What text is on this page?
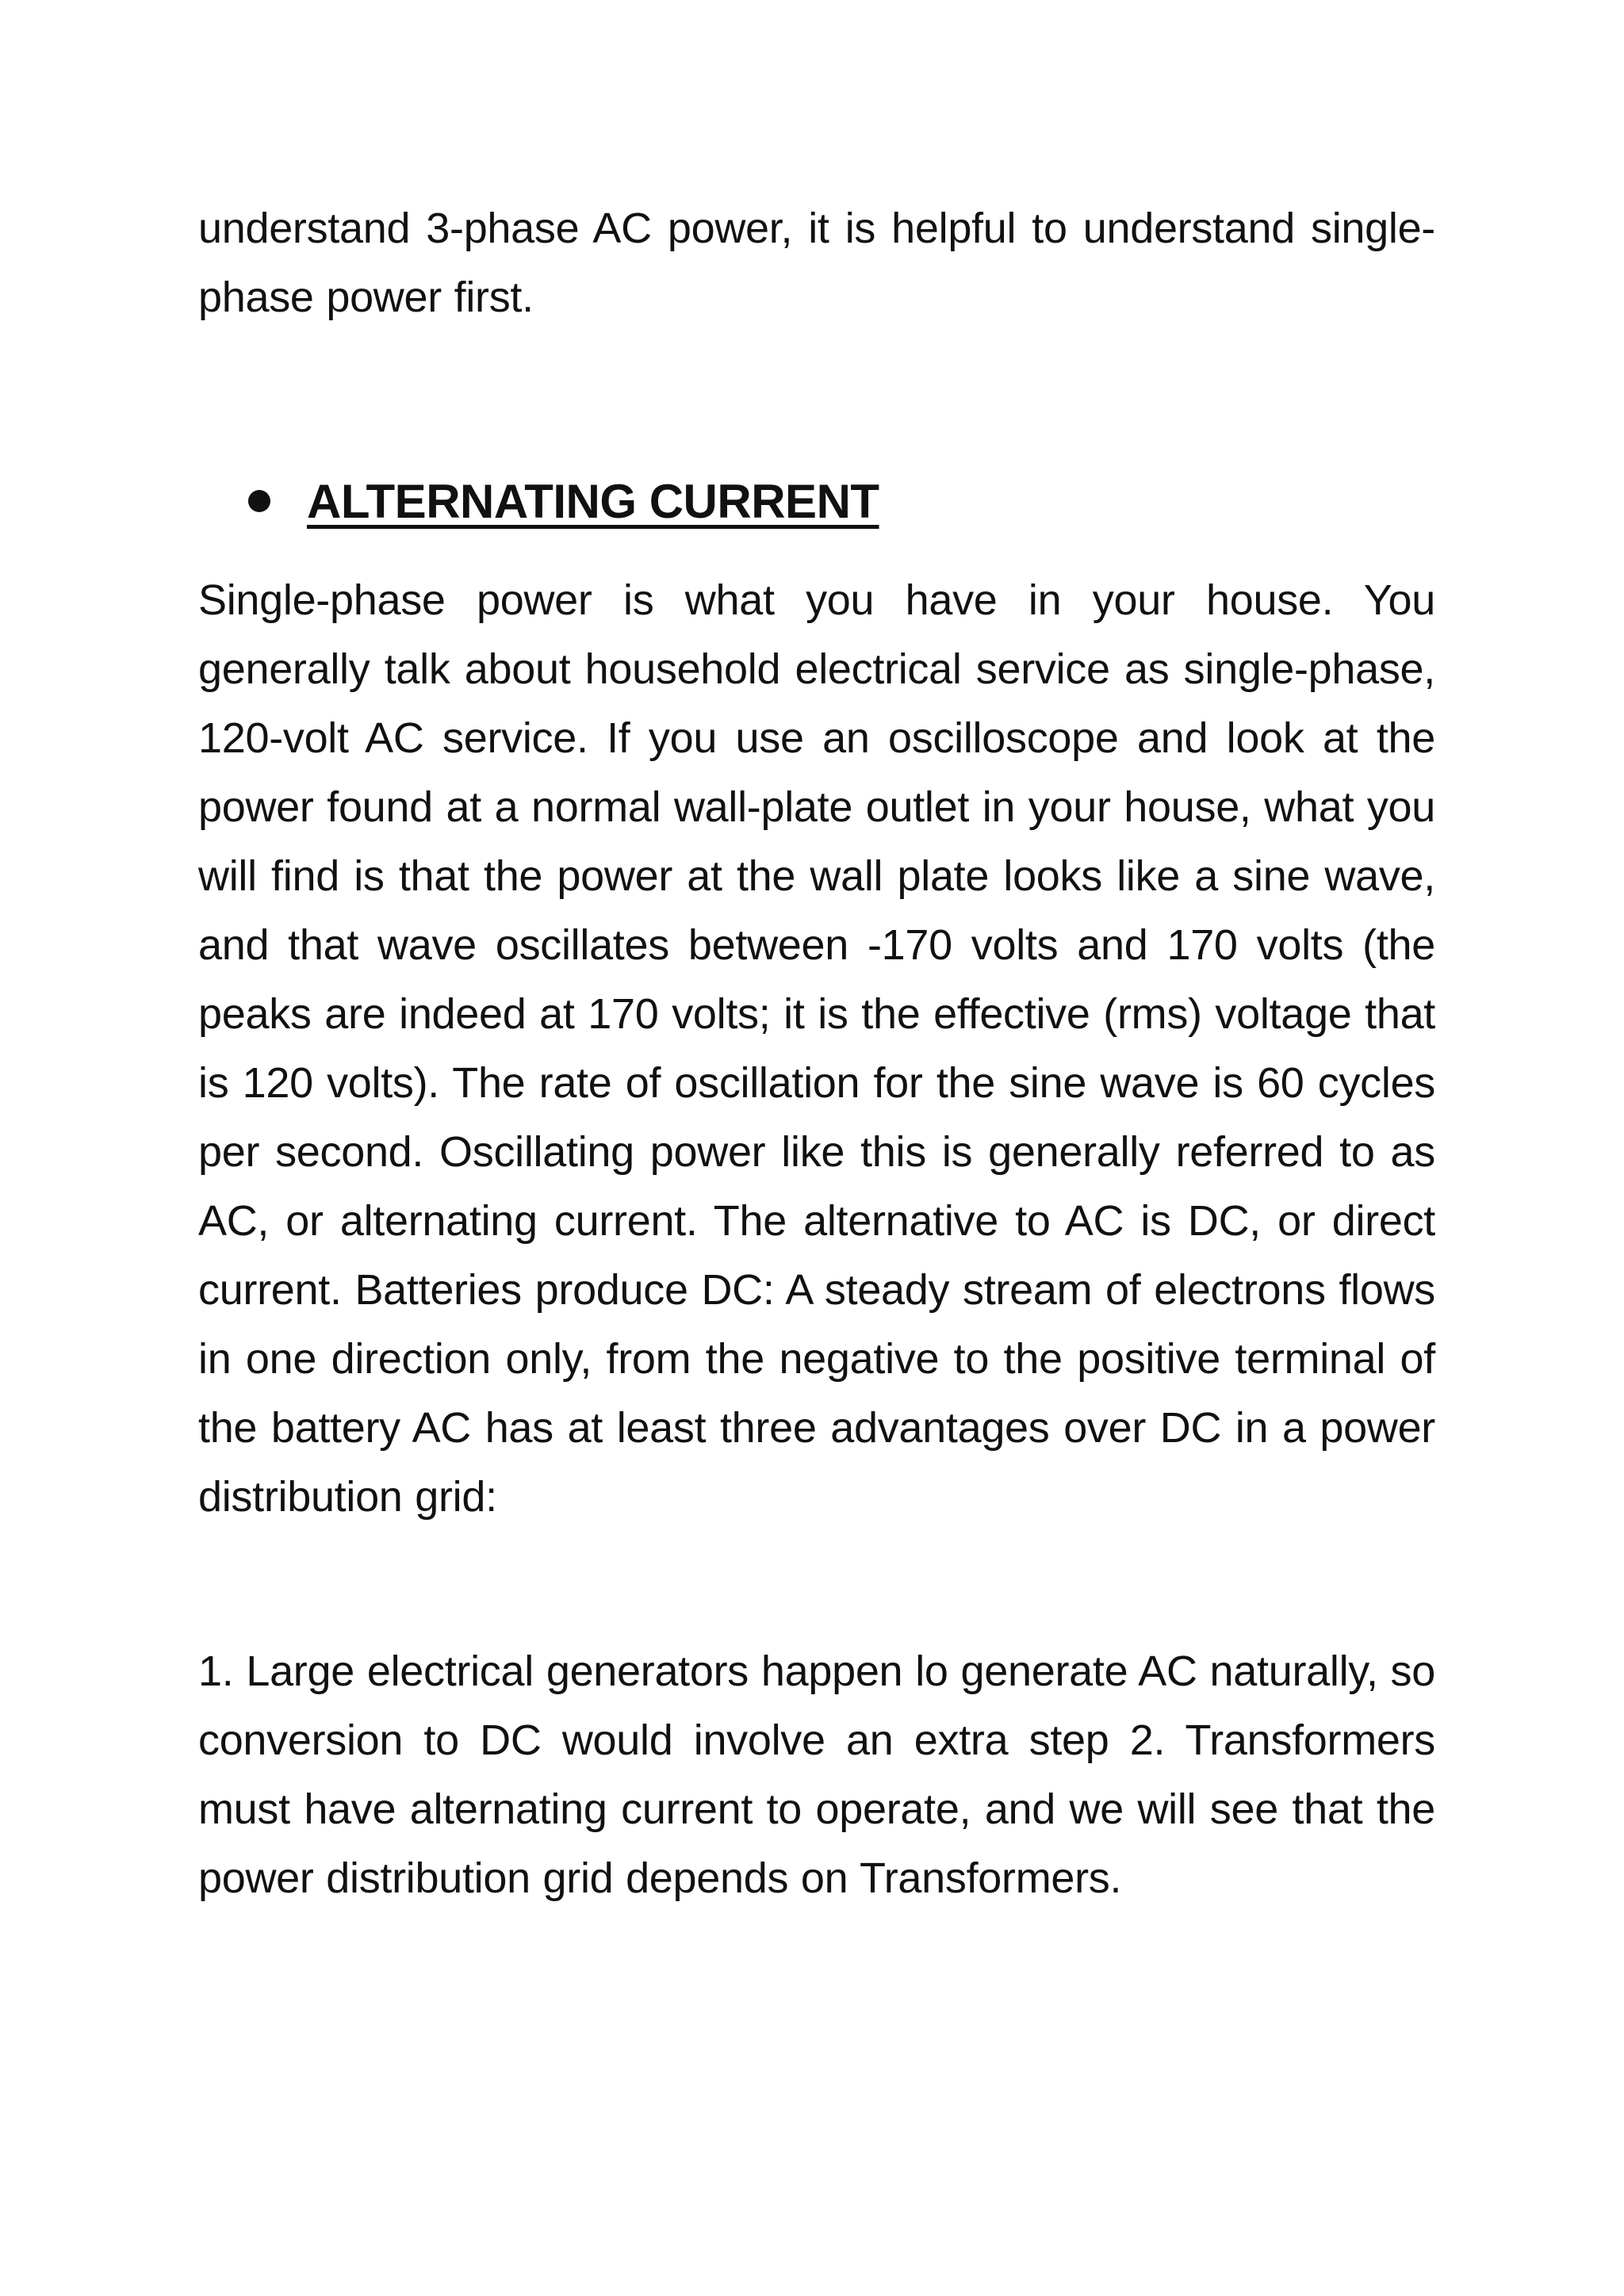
understand 3-phase AC power, it is helpful to understand single-phase power first.

ALTERNATING CURRENT

Single-phase power is what you have in your house. You generally talk about household electrical service as single-phase, 120-volt AC service. If you use an oscilloscope and look at the power found at a normal wall-plate outlet in your house, what you will find is that the power at the wall plate looks like a sine wave, and that wave oscillates between -170 volts and 170 volts (the peaks are indeed at 170 volts; it is the effective (rms) voltage that is 120 volts). The rate of oscillation for the sine wave is 60 cycles per second. Oscillating power like this is generally referred to as AC, or alternating current. The alternative to AC is DC, or direct current. Batteries produce DC: A steady stream of electrons flows in one direction only, from the negative to the positive terminal of the battery AC has at least three advantages over DC in a power distribution grid:

1. Large electrical generators happen lo generate AC naturally, so conversion to DC would involve an extra step 2. Transformers must have alternating current to operate, and we will see that the power distribution grid depends on Transformers.
